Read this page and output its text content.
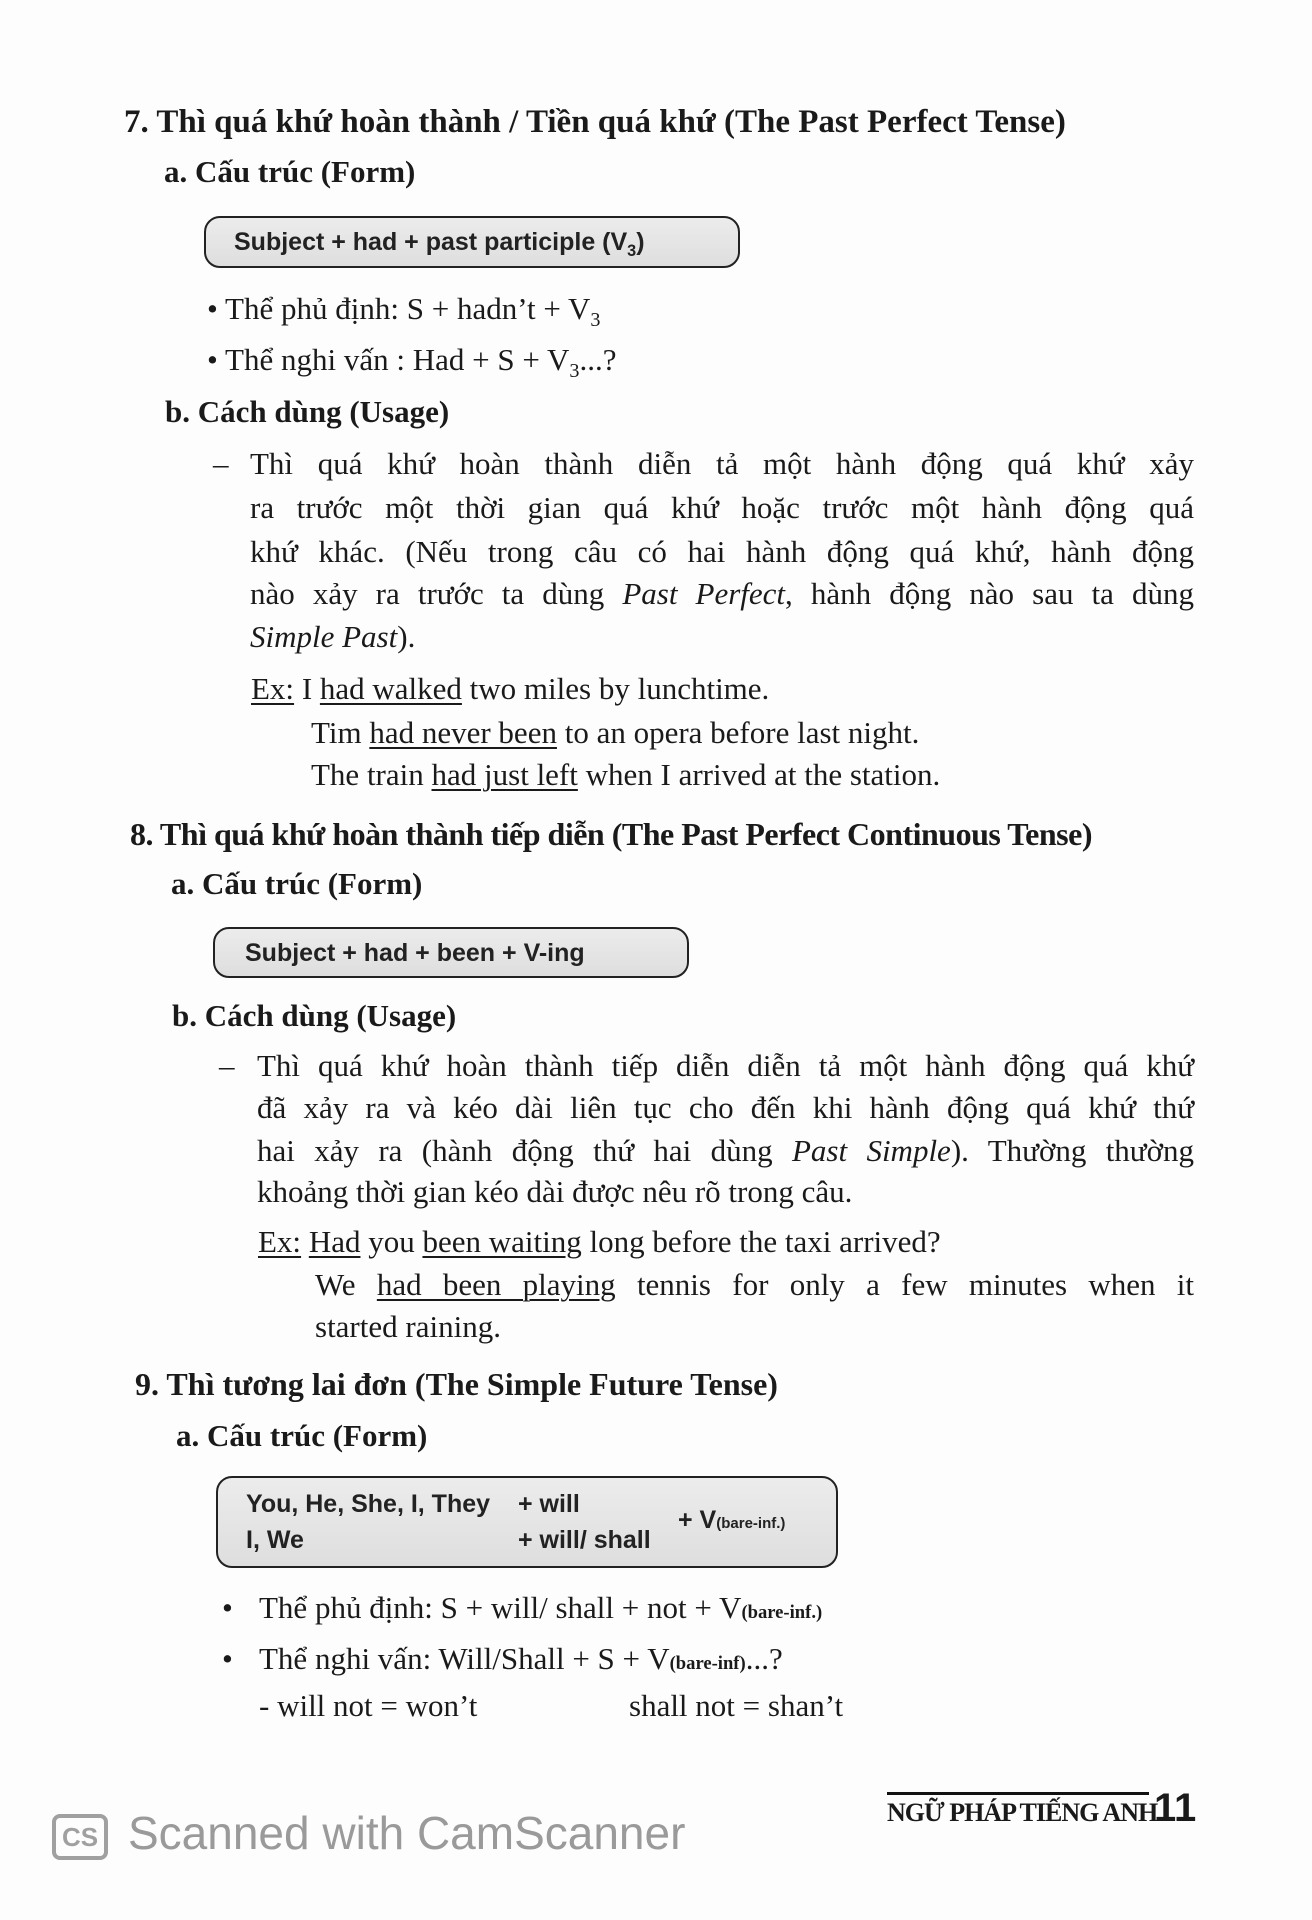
7. Thì quá khứ hoàn thành / Tiền quá khứ (The Past Perfect Tense)
a. Cấu trúc (Form)
Subject + had + past participle $(V_3)$
• Thể phủ định: S + hadn’t + $V_3$
• Thể nghi vấn : Had + $S + V_3$...?
b. Cách dùng (Usage)
– Thì quá khứ hoàn thành diễn tả một hành động quá khứ xảy
ra trước một thời gian quá khứ hoặc trước một hành động quá
khứ khác. (Nếu trong câu có hai hành động quá khứ, hành động
nào xảy ra trước ta dùng Past Perfect, hành động nào sau ta dùng
Simple Past).
Ex: I had walked two miles by lunchtime.
Tim had never been to an opera before last night.
The train had just left when I arrived at the station.
8. Thì quá khứ hoàn thành tiếp diễn (The Past Perfect Continuous Tense)
a. Cấu trúc (Form)
Subject + had + been + V-ing
b. Cách dùng (Usage)
– Thì quá khứ hoàn thành tiếp diễn diễn tả một hành động quá khứ
đã xảy ra và kéo dài liên tục cho đến khi hành động quá khứ thứ
hai xảy ra (hành động thứ hai dùng Past Simple). Thường thường
khoảng thời gian kéo dài được nêu rõ trong câu.
Ex: Had you been waiting long before the taxi arrived?
We had been playing tennis for only a few minutes when it
started raining.
9. Thì tương lai đơn (The Simple Future Tense)
a. Cấu trúc (Form)
You, He, She, I, They + will
I, We	+ will/ shall
+ V(bare-inf.)
• Thể phủ định: S + will/ shall + not + V(bare-inf.)
• Thể nghi vấn: Will/Shall + S + V(bare-inf)...?
- will not = won’t	shall not = shan’t
NGỮ PHÁP TIẾNG ANH
11
CS Scanned with CamScanner
